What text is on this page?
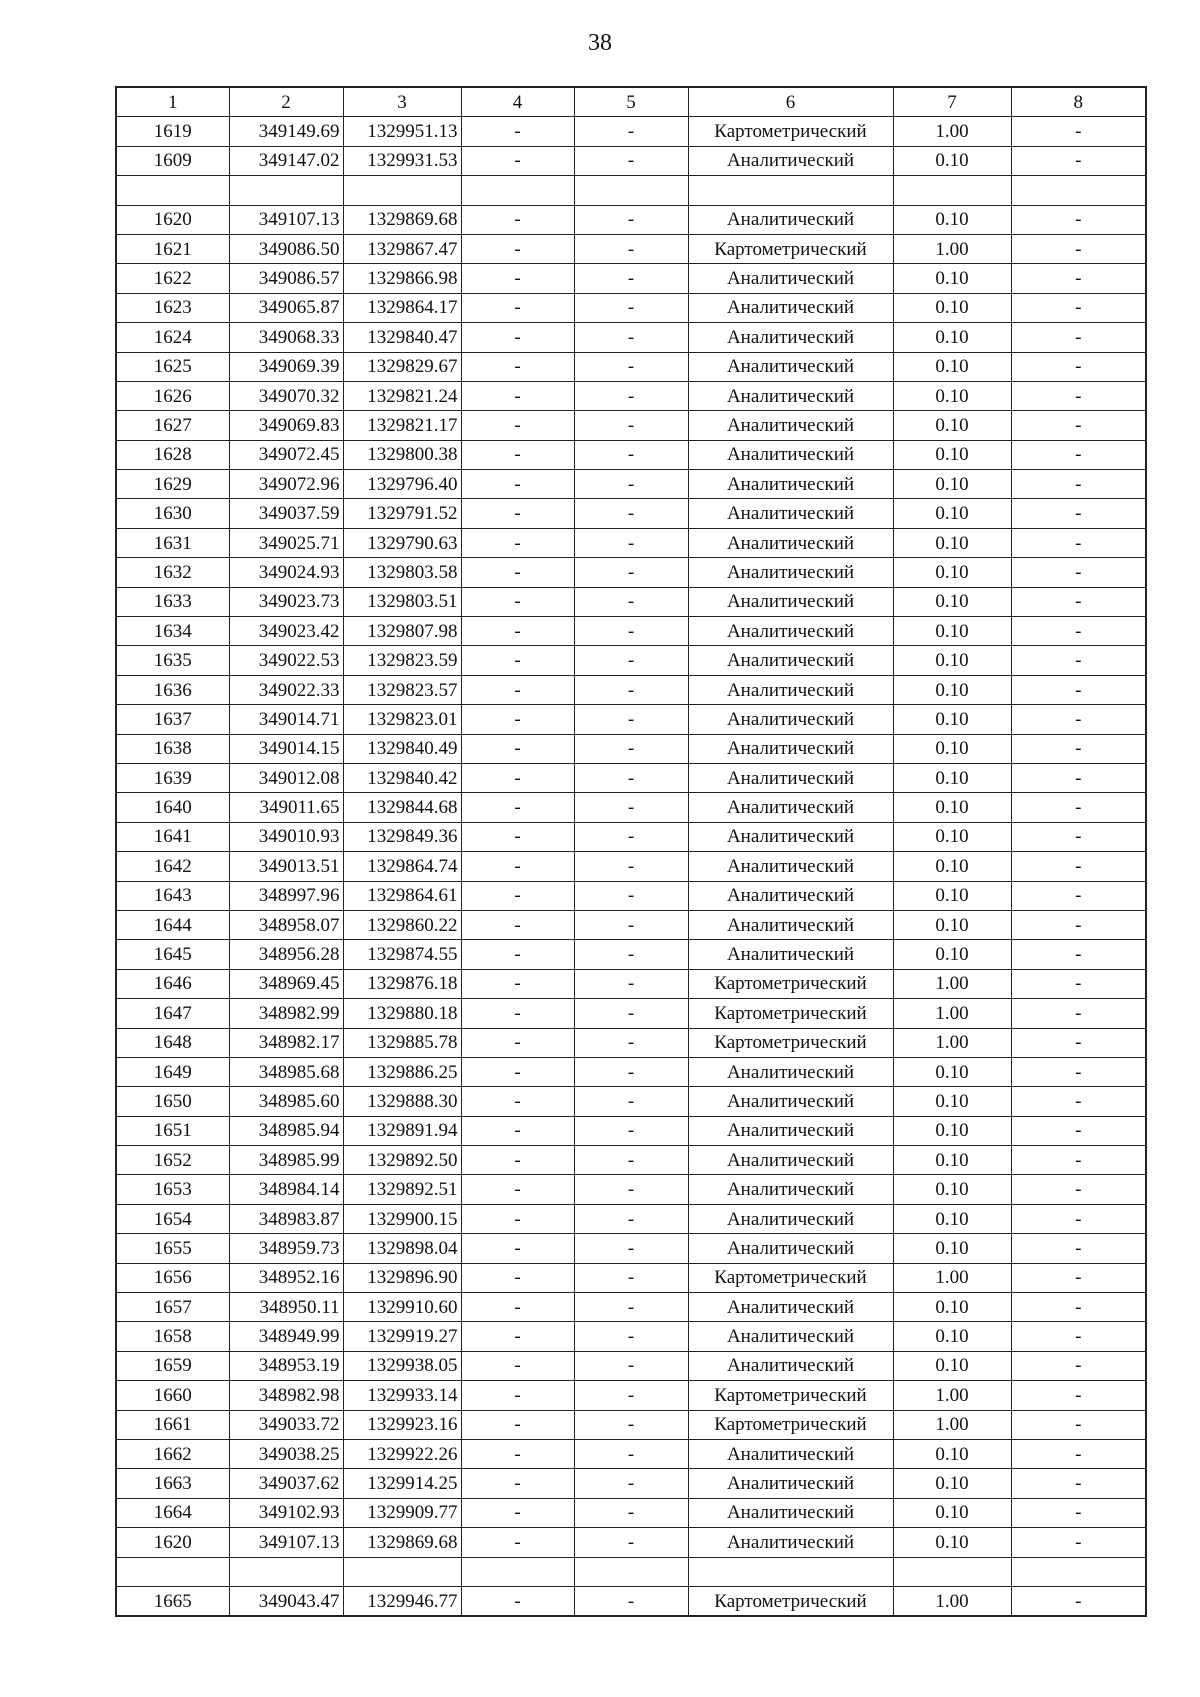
38
1	2	3	4	5	6	7	8
1619	349149.69	1329951.13	-	-	Картометрический	1.00	-
1609	349147.02	1329931.53	-	-	Аналитический	0.10	-

1620	349107.13	1329869.68	-	-	Аналитический	0.10	-
1621	349086.50	1329867.47	-	-	Картометрический	1.00	-
1622	349086.57	1329866.98	-	-	Аналитический	0.10	-
1623	349065.87	1329864.17	-	-	Аналитический	0.10	-
1624	349068.33	1329840.47	-	-	Аналитический	0.10	-
1625	349069.39	1329829.67	-	-	Аналитический	0.10	-
1626	349070.32	1329821.24	-	-	Аналитический	0.10	-
1627	349069.83	1329821.17	-	-	Аналитический	0.10	-
1628	349072.45	1329800.38	-	-	Аналитический	0.10	-
1629	349072.96	1329796.40	-	-	Аналитический	0.10	-
1630	349037.59	1329791.52	-	-	Аналитический	0.10	-
1631	349025.71	1329790.63	-	-	Аналитический	0.10	-
1632	349024.93	1329803.58	-	-	Аналитический	0.10	-
1633	349023.73	1329803.51	-	-	Аналитический	0.10	-
1634	349023.42	1329807.98	-	-	Аналитический	0.10	-
1635	349022.53	1329823.59	-	-	Аналитический	0.10	-
1636	349022.33	1329823.57	-	-	Аналитический	0.10	-
1637	349014.71	1329823.01	-	-	Аналитический	0.10	-
1638	349014.15	1329840.49	-	-	Аналитический	0.10	-
1639	349012.08	1329840.42	-	-	Аналитический	0.10	-
1640	349011.65	1329844.68	-	-	Аналитический	0.10	-
1641	349010.93	1329849.36	-	-	Аналитический	0.10	-
1642	349013.51	1329864.74	-	-	Аналитический	0.10	-
1643	348997.96	1329864.61	-	-	Аналитический	0.10	-
1644	348958.07	1329860.22	-	-	Аналитический	0.10	-
1645	348956.28	1329874.55	-	-	Аналитический	0.10	-
1646	348969.45	1329876.18	-	-	Картометрический	1.00	-
1647	348982.99	1329880.18	-	-	Картометрический	1.00	-
1648	348982.17	1329885.78	-	-	Картометрический	1.00	-
1649	348985.68	1329886.25	-	-	Аналитический	0.10	-
1650	348985.60	1329888.30	-	-	Аналитический	0.10	-
1651	348985.94	1329891.94	-	-	Аналитический	0.10	-
1652	348985.99	1329892.50	-	-	Аналитический	0.10	-
1653	348984.14	1329892.51	-	-	Аналитический	0.10	-
1654	348983.87	1329900.15	-	-	Аналитический	0.10	-
1655	348959.73	1329898.04	-	-	Аналитический	0.10	-
1656	348952.16	1329896.90	-	-	Картометрический	1.00	-
1657	348950.11	1329910.60	-	-	Аналитический	0.10	-
1658	348949.99	1329919.27	-	-	Аналитический	0.10	-
1659	348953.19	1329938.05	-	-	Аналитический	0.10	-
1660	348982.98	1329933.14	-	-	Картометрический	1.00	-
1661	349033.72	1329923.16	-	-	Картометрический	1.00	-
1662	349038.25	1329922.26	-	-	Аналитический	0.10	-
1663	349037.62	1329914.25	-	-	Аналитический	0.10	-
1664	349102.93	1329909.77	-	-	Аналитический	0.10	-
1620	349107.13	1329869.68	-	-	Аналитический	0.10	-

1665	349043.47	1329946.77	-	-	Картометрический	1.00	-
